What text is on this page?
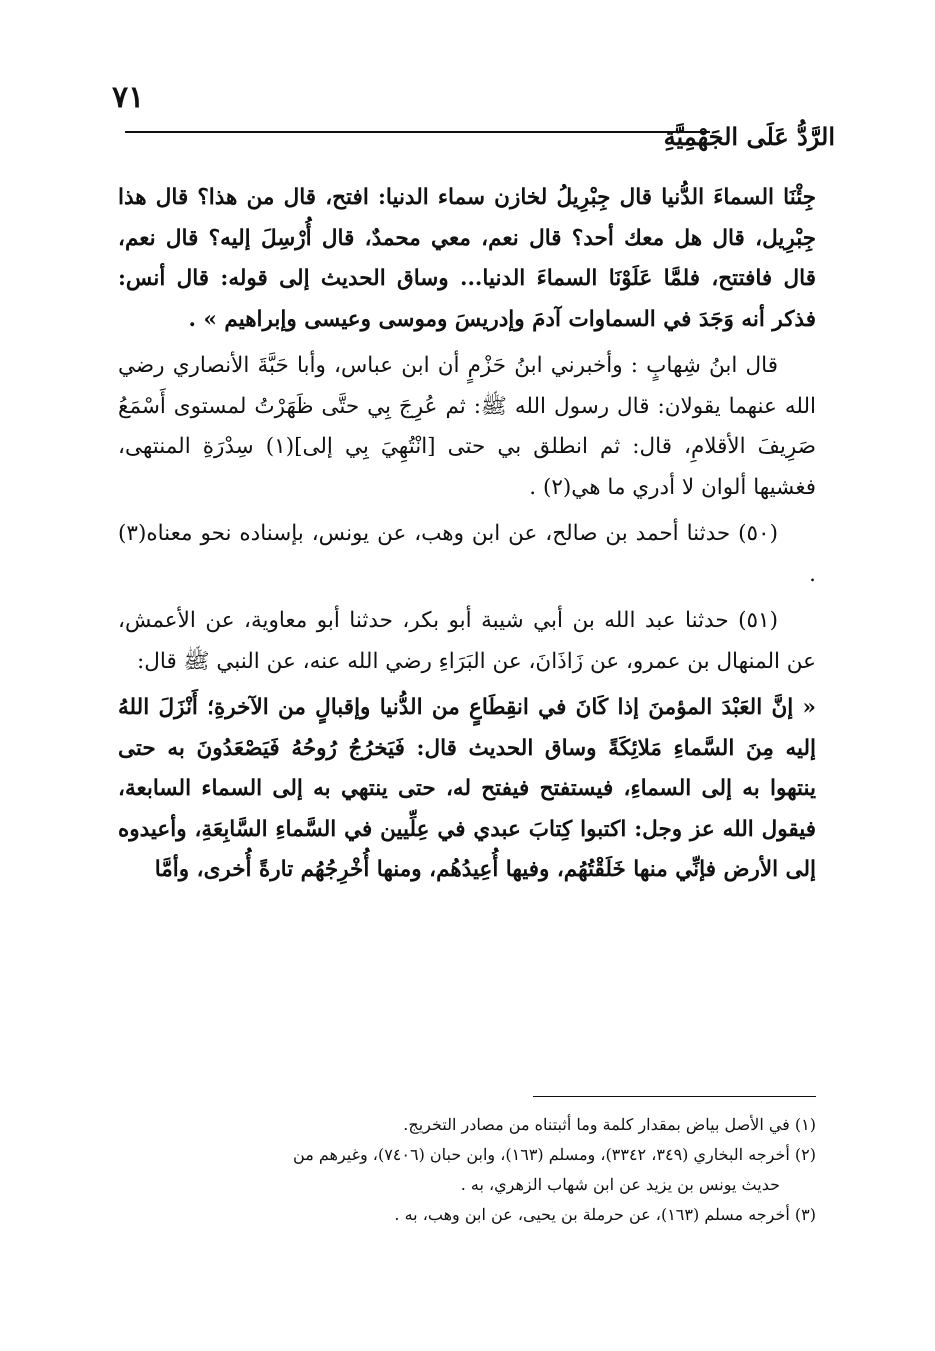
٧١
الرَّدُّ عَلَى الجَهْمِيَّةِ

جِئْنَا السماءَ الدُّنيا قال جِبْرِيلُ لخازن سماء الدنيا: افتح، قال من هذا؟ قال هذا جِبْرِيل، قال هل معك أحد؟ قال نعم، معي محمدٌ، قال أُرْسِلَ إليه؟ قال نعم، قال فافتتح، فلمَّا عَلَوْنَا السماءَ الدنيا... وساق الحديث إلى قوله: قال أنس: فذكر أنه وَجَدَ في السماوات آدمَ وإدريسَ وموسى وعيسى وإبراهيم » .

قال ابنُ شِهابٍ : وأخبرني ابنُ حَزْمٍ أن ابن عباس، وأبا حَبَّةَ الأنصاري رضي الله عنهما يقولان: قال رسول الله ﷺ: ثم عُرِجَ بِي حتَّى ظَهَرْتُ لمستوى أَسْمَعُ صَرِيفَ الأقلامِ، قال: ثم انطلق بي حتى [انْتُهِيَ بِي إلى](١) سِدْرَةِ المنتهى، فغشيها ألوان لا أدري ما هي(٢) .

(٥٠) حدثنا أحمد بن صالح، عن ابن وهب، عن يونس، بإسناده نحو معناه(٣) .

(٥١) حدثنا عبد الله بن أبي شيبة أبو بكر، حدثنا أبو معاوية، عن الأعمش، عن المنهال بن عمرو، عن زَاذَانَ، عن البَرَاءِ رضي الله عنه، عن النبي ﷺ قال:

« إنَّ العَبْدَ المؤمنَ إذا كَانَ في انقِطَاعٍ من الدُّنيا وإقبالٍ من الآخرةِ؛ أَنْزَلَ اللهُ إليه مِنَ السَّماءِ مَلائِكَةً وساق الحديث قال: فَيَخرُجُ رُوحُهُ فَيَصْعَدُونَ به حتى ينتهوا به إلى السماءِ، فيستفتح فيفتح له، حتى ينتهي به إلى السماء السابعة، فيقول الله عز وجل: اكتبوا كِتابَ عبدي في عِلِّيين في السَّماءِ السَّابِعَةِ، وأعيدوه إلى الأرض فإنِّي منها خَلَقْتُهُم، وفيها أُعِيدُهُم، ومنها أُخْرِجُهُم تارةً أُخرى، وأمَّا

(١) في الأصل بياض بمقدار كلمة وما أثبتناه من مصادر التخريج.

(٢) أخرجه البخاري (٣٤٩، ٣٣٤٢)، ومسلم (١٦٣)، وابن حبان (٧٤٠٦)، وغيرهم من

حديث يونس بن يزيد عن ابن شهاب الزهري، به .

(٣) أخرجه مسلم (١٦٣)، عن حرملة بن يحيى، عن ابن وهب، به .
